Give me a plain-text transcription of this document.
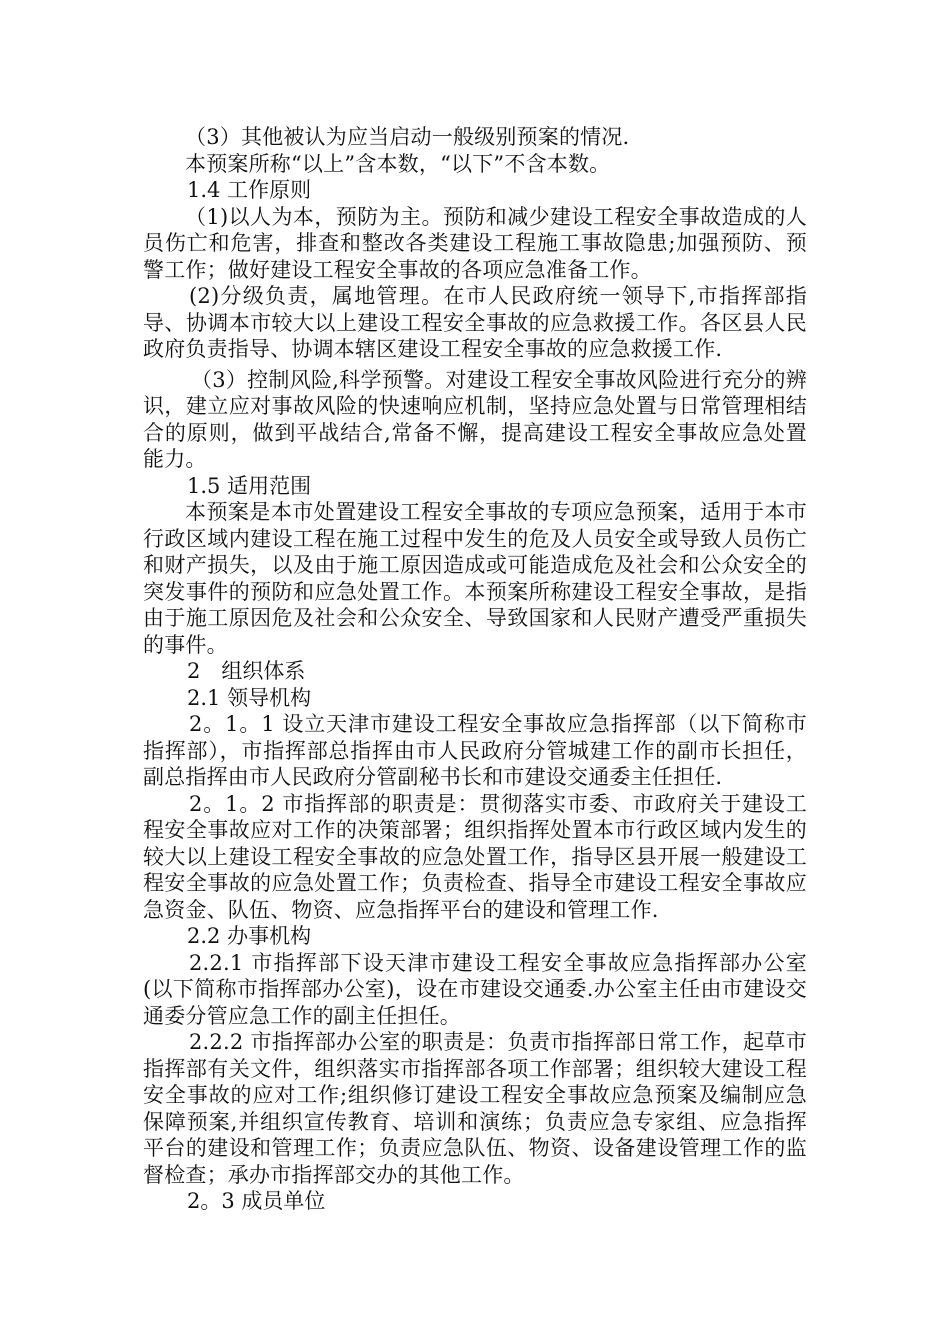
（3）其他被认为应当启动一般级别预案的情况.

本预案所称“以上”含本数，“以下”不含本数。

1.4 工作原则

（1)以人为本，预防为主。预防和减少建设工程安全事故造成的人员伤亡和危害，排查和整改各类建设工程施工事故隐患;加强预防、预警工作；做好建设工程安全事故的各项应急准备工作。

(2)分级负责，属地管理。在市人民政府统一领导下,市指挥部指导、协调本市较大以上建设工程安全事故的应急救援工作。各区县人民政府负责指导、协调本辖区建设工程安全事故的应急救援工作.

（3）控制风险,科学预警。对建设工程安全事故风险进行充分的辨识，建立应对事故风险的快速响应机制，坚持应急处置与日常管理相结合的原则，做到平战结合,常备不懈，提高建设工程安全事故应急处置能力。

1.5 适用范围

本预案是本市处置建设工程安全事故的专项应急预案，适用于本市行政区域内建设工程在施工过程中发生的危及人员安全或导致人员伤亡和财产损失，以及由于施工原因造成或可能造成危及社会和公众安全的突发事件的预防和应急处置工作。本预案所称建设工程安全事故，是指由于施工原因危及社会和公众安全、导致国家和人民财产遭受严重损失的事件。

2　组织体系

2.1 领导机构

2。1。1 设立天津市建设工程安全事故应急指挥部（以下简称市指挥部），市指挥部总指挥由市人民政府分管城建工作的副市长担任，副总指挥由市人民政府分管副秘书长和市建设交通委主任担任.

2。1。2 市指挥部的职责是：贯彻落实市委、市政府关于建设工程安全事故应对工作的决策部署；组织指挥处置本市行政区域内发生的较大以上建设工程安全事故的应急处置工作，指导区县开展一般建设工程安全事故的应急处置工作；负责检查、指导全市建设工程安全事故应急资金、队伍、物资、应急指挥平台的建设和管理工作.

2.2 办事机构

2.2.1 市指挥部下设天津市建设工程安全事故应急指挥部办公室(以下简称市指挥部办公室)，设在市建设交通委.办公室主任由市建设交通委分管应急工作的副主任担任。

2.2.2 市指挥部办公室的职责是：负责市指挥部日常工作，起草市指挥部有关文件，组织落实市指挥部各项工作部署；组织较大建设工程安全事故的应对工作;组织修订建设工程安全事故应急预案及编制应急保障预案,并组织宣传教育、培训和演练；负责应急专家组、应急指挥平台的建设和管理工作；负责应急队伍、物资、设备建设管理工作的监督检查；承办市指挥部交办的其他工作。

2。3 成员单位
